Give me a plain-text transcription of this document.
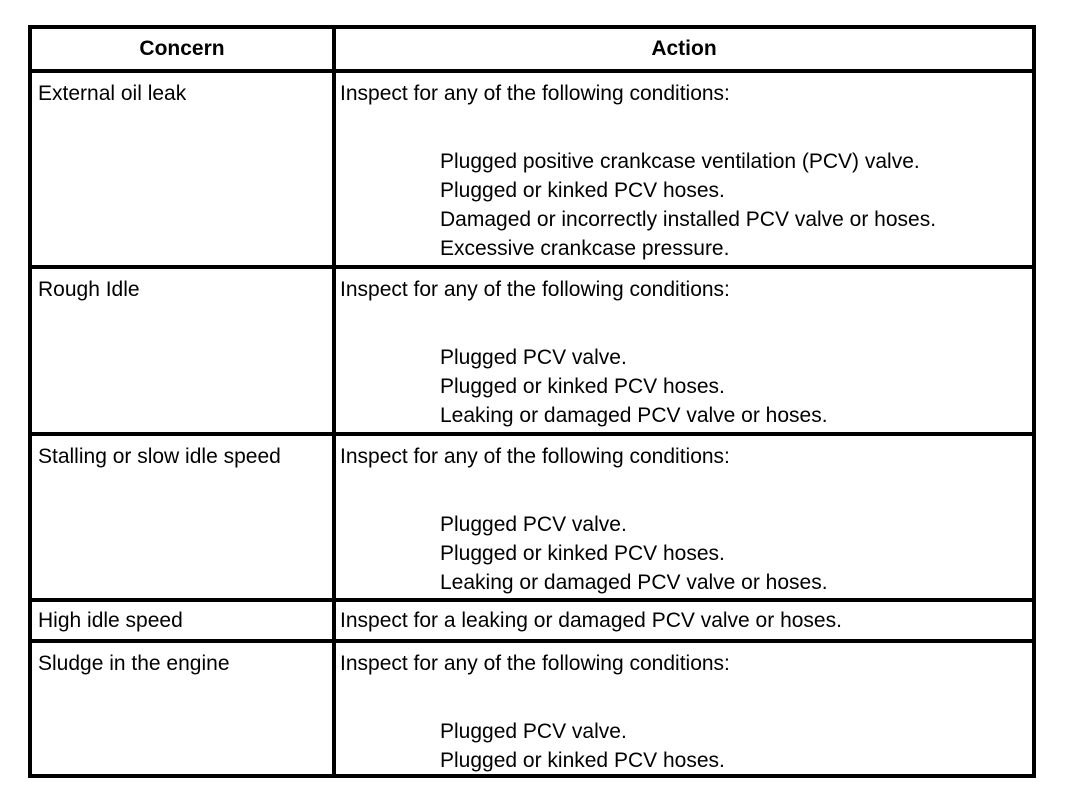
Concern	Action
External oil leak	Inspect for any of the following conditions:
Plugged positive crankcase ventilation (PCV) valve.
Plugged or kinked PCV hoses.
Damaged or incorrectly installed PCV valve or hoses.
Excessive crankcase pressure.
Rough Idle	Inspect for any of the following conditions:
Plugged PCV valve.
Plugged or kinked PCV hoses.
Leaking or damaged PCV valve or hoses.
Stalling or slow idle speed	Inspect for any of the following conditions:
Plugged PCV valve.
Plugged or kinked PCV hoses.
Leaking or damaged PCV valve or hoses.
High idle speed	Inspect for a leaking or damaged PCV valve or hoses.
Sludge in the engine	Inspect for any of the following conditions:
Plugged PCV valve.
Plugged or kinked PCV hoses.
